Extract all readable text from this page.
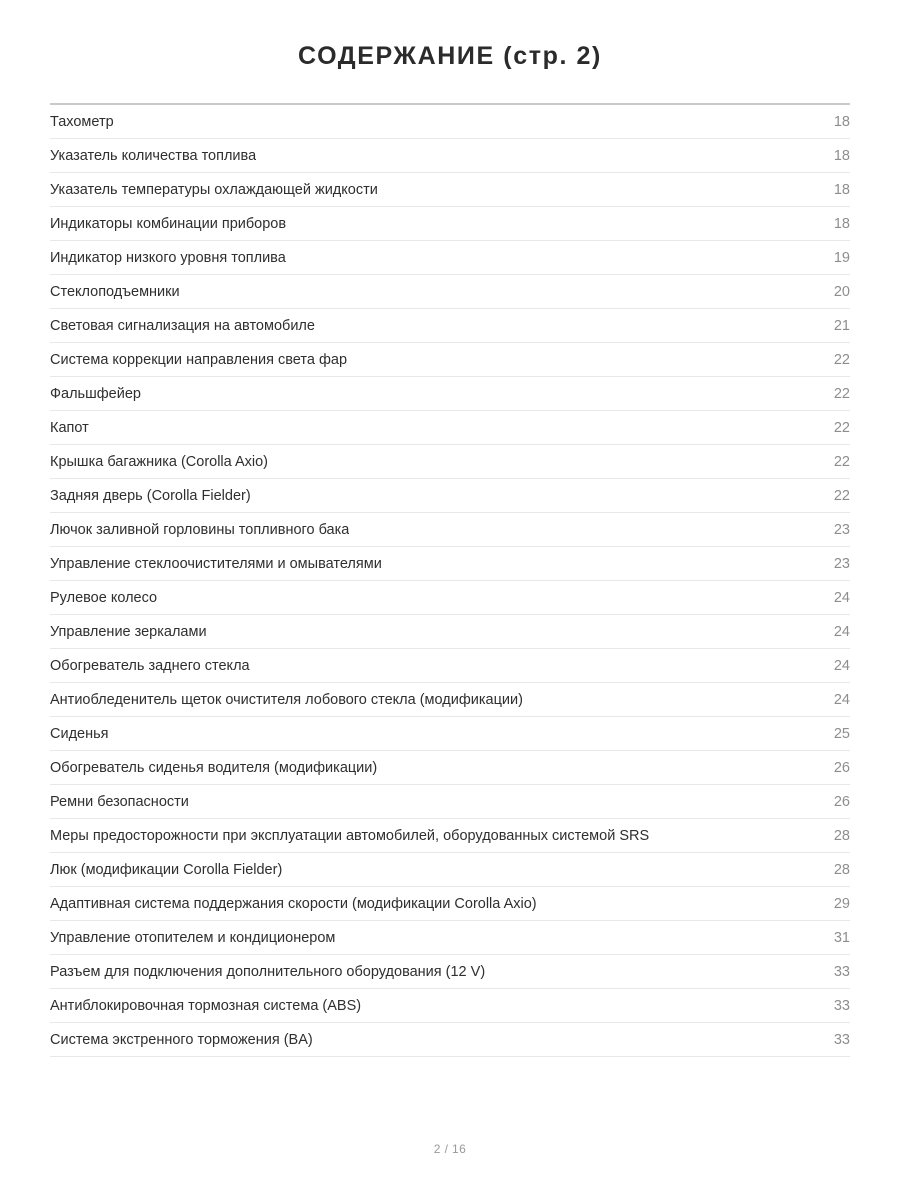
СОДЕРЖАНИЕ (стр. 2)
Тахометр	18
Указатель количества топлива	18
Указатель температуры охлаждающей жидкости	18
Индикаторы комбинации приборов	18
Индикатор низкого уровня топлива	19
Стеклоподъемники	20
Световая сигнализация на автомобиле	21
Система коррекции направления света фар	22
Фальшфейер	22
Капот	22
Крышка багажника (Corolla Axio)	22
Задняя дверь (Corolla Fielder)	22
Лючок заливной горловины топливного бака	23
Управление стеклоочистителями и омывателями	23
Рулевое колесо	24
Управление зеркалами	24
Обогреватель заднего стекла	24
Антиобледенитель щеток очистителя лобового стекла (модификации)	24
Сиденья	25
Обогреватель сиденья водителя (модификации)	26
Ремни безопасности	26
Меры предосторожности при эксплуатации автомобилей, оборудованных системой SRS	28
Люк (модификации Corolla Fielder)	28
Адаптивная система поддержания скорости (модификации Corolla Axio)	29
Управление отопителем и кондиционером	31
Разъем для подключения дополнительного оборудования (12 V)	33
Антиблокировочная тормозная система (ABS)	33
Система экстренного торможения (BA)	33
2 / 16
